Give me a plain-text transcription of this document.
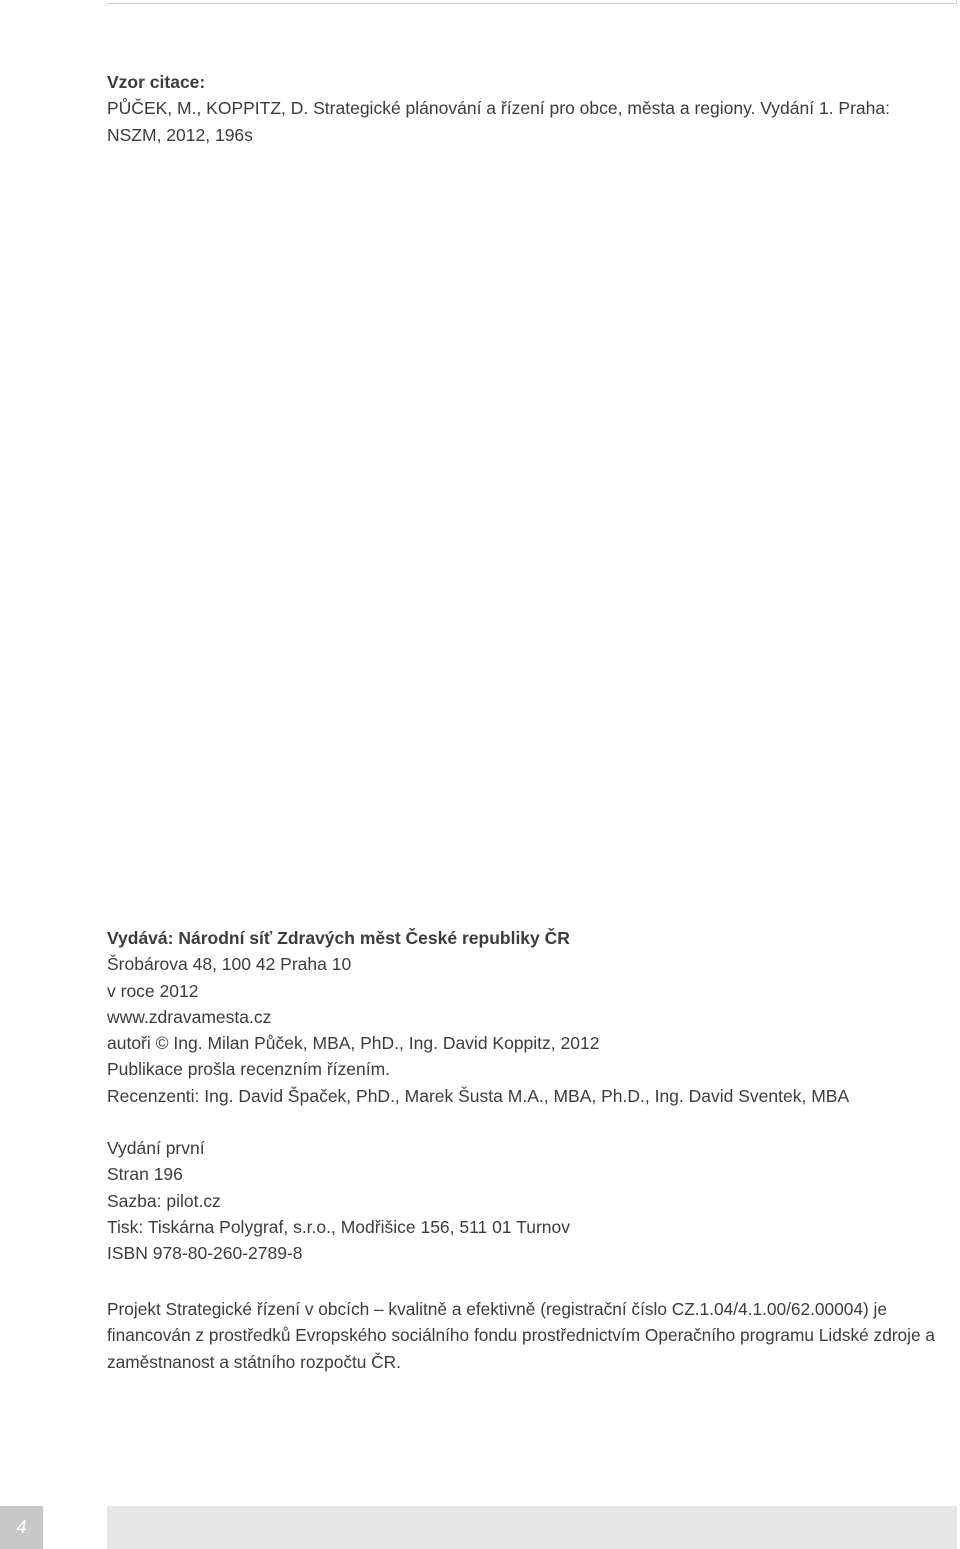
Vzor citace:

PŮČEK, M., KOPPITZ, D. Strategické plánování a řízení pro obce, města a regiony. Vydání 1. Praha: NSZM, 2012, 196s

Vydává: Národní síť Zdravých měst České republiky ČR

Šrobárova 48, 100 42 Praha 10

v roce 2012

www.zdravamesta.cz

autoři © Ing. Milan Půček, MBA, PhD., Ing. David Koppitz, 2012

Publikace prošla recenzním řízením.

Recenzenti: Ing. David Špaček, PhD., Marek Šusta M.A., MBA, Ph.D., Ing. David Sventek, MBA

Vydání první

Stran 196

Sazba: pilot.cz

Tisk: Tiskárna Polygraf, s.r.o., Modřišice 156, 511 01 Turnov

ISBN 978-80-260-2789-8

Projekt Strategické řízení v obcích – kvalitně a efektivně (registrační číslo CZ.1.04/4.1.00/62.00004) je financován z prostředků Evropského sociálního fondu prostřednictvím Operačního programu Lidské zdroje a zaměstnanost a státního rozpočtu ČR.

4
